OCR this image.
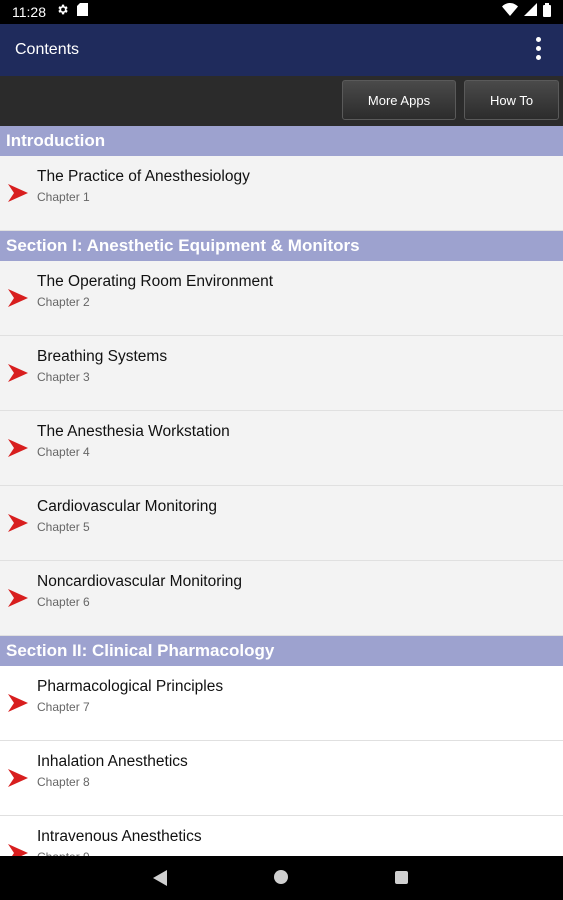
11:28
Contents
More Apps	How To
Introduction
The Practice of Anesthesiology
Chapter 1
Section I: Anesthetic Equipment & Monitors
The Operating Room Environment
Chapter 2
Breathing Systems
Chapter 3
The Anesthesia Workstation
Chapter 4
Cardiovascular Monitoring
Chapter 5
Noncardiovascular Monitoring
Chapter 6
Section II: Clinical Pharmacology
Pharmacological Principles
Chapter 7
Inhalation Anesthetics
Chapter 8
Intravenous Anesthetics
